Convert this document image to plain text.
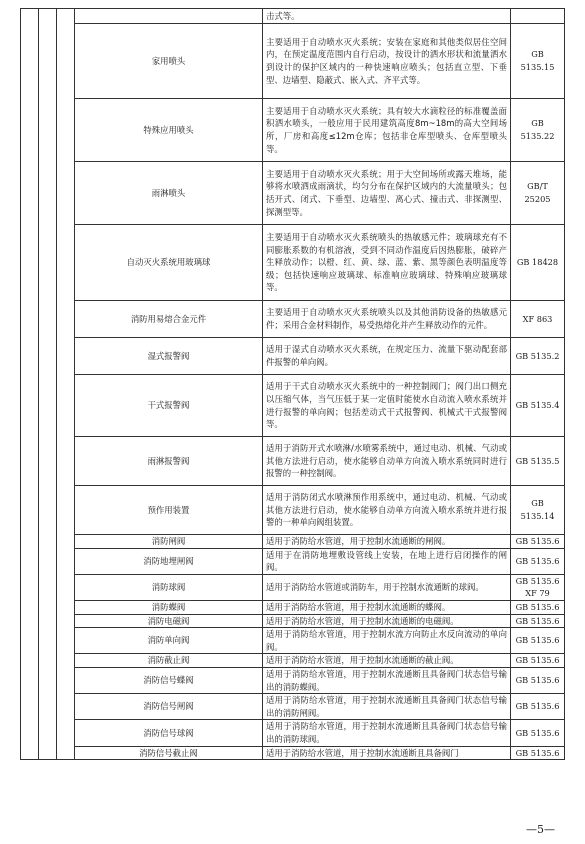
				击式等。	

			家用喷头	主要适用于自动喷水灭火系统；安装在家庭和其他类似居住空间内，在预定温度范围内自行启动，按设计的洒水形状和流量洒水到设计的保护区域内的一种快速响应喷头；包括直立型、下垂型、边墙型、隐蔽式、嵌入式、齐平式等。	GB 5135.15

			特殊应用喷头	主要适用于自动喷水灭火系统；具有较大水滴粒径的标准覆盖面积洒水喷头，一般应用于民用建筑高度8m~18m的高大空间场所，厂房和高度≤12m仓库；包括非仓库型喷头、仓库型喷头等。	GB 5135.22

			雨淋喷头	主要适用于自动喷水灭火系统；用于大空间场所或露天堆场，能够将水喷洒成雨滴状，均匀分布在保护区域内的大流量喷头；包括开式、闭式、下垂型、边墙型、离心式、撞击式、非探测型、探测型等。	GB/T 25205

			自动灭火系统用玻璃球	主要适用于自动喷水灭火系统喷头的热敏感元件；玻璃球充有不同膨胀系数的有机溶液，受到不同动作温度后因热膨胀，破碎产生释放动作；以橙、红、黄、绿、蓝、紫、黑等颜色表明温度等级；包括快速响应玻璃球、标准响应玻璃球、特殊响应玻璃球等。	GB 18428

			消防用易熔合金元件	主要适用于自动喷水灭火系统喷头以及其他消防设备的热敏感元件；采用合金材料制作，易受热熔化并产生释放动作的元件。	XF 863

			湿式报警阀	适用于湿式自动喷水灭火系统，在规定压力、流量下驱动配套部件报警的单向阀。	GB 5135.2

			干式报警阀	适用于干式自动喷水灭火系统中的一种控制阀门；阀门出口侧充以压缩气体，当气压低于某一定值时能使水自动流入喷水系统并进行报警的单向阀；包括差动式干式报警阀、机械式干式报警阀等。	GB 5135.4

			雨淋报警阀	适用于消防开式水喷淋/水喷雾系统中，通过电动、机械、气动或其他方法进行启动，使水能够自动单方向流入喷水系统同时进行报警的一种控制阀。	GB 5135.5

			预作用装置	适用于消防闭式水喷淋预作用系统中，通过电动、机械、气动或其他方法进行启动，使水能够自动单方向流入喷水系统并进行报警的一种单向阀组装置。	GB 5135.14

			消防闸阀	适用于消防给水管道，用于控制水流通断的闸阀。	GB 5135.6

			消防地埋闸阀	适用于在消防地埋敷设管线上安装，在地上进行启闭操作的闸阀。	GB 5135.6

			消防球阀	适用于消防给水管道或消防车，用于控制水流通断的球阀。	GB 5135.6
XF 79

			消防蝶阀	适用于消防给水管道，用于控制水流通断的蝶阀。	GB 5135.6

			消防电磁阀	适用于消防给水管道，用于控制水流通断的电磁阀。	GB 5135.6

			消防单向阀	适用于消防给水管道，用于控制水流方向防止水反向流动的单向阀。	GB 5135.6

			消防截止阀	适用于消防给水管道，用于控制水流通断的截止阀。	GB 5135.6

			消防信号蝶阀	适用于消防给水管道，用于控制水流通断且具备阀门状态信号输出的消防蝶阀。	GB 5135.6

			消防信号闸阀	适用于消防给水管道，用于控制水流通断且具备阀门状态信号输出的消防闸阀。	GB 5135.6

			消防信号球阀	适用于消防给水管道，用于控制水流通断且具备阀门状态信号输出的消防球阀。	GB 5135.6

			消防信号截止阀	适用于消防给水管道，用于控制水流通断且具备阀门	GB 5135.6
—5—
